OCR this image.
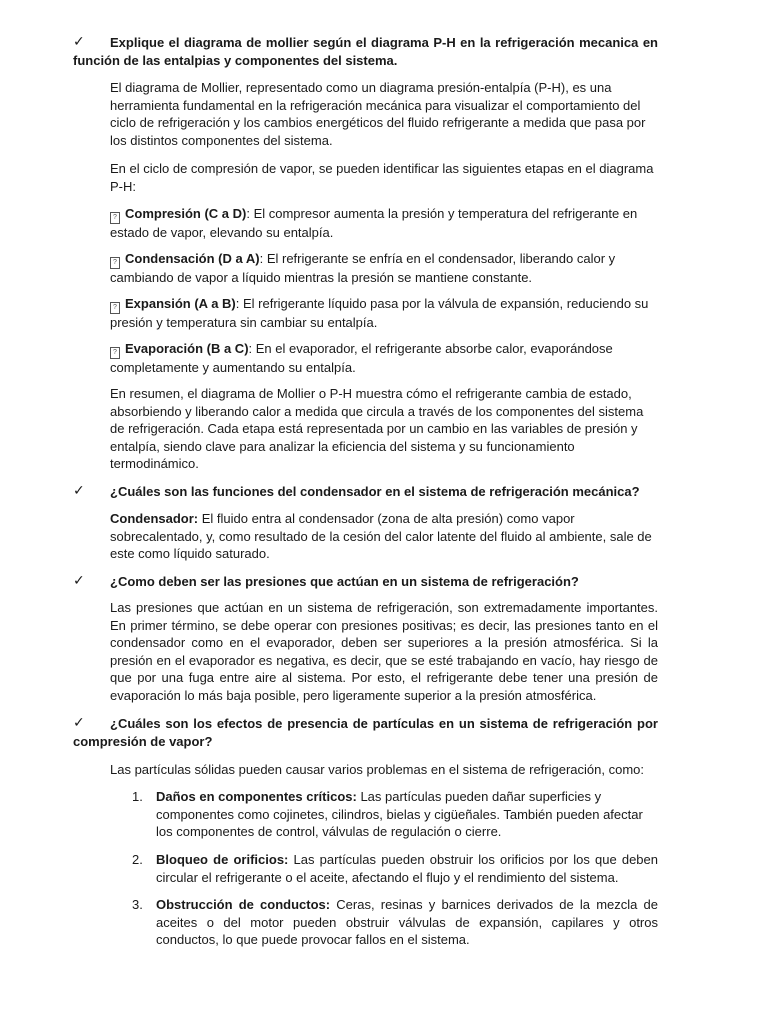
✓	Explique el diagrama de mollier según el diagrama P-H en la refrigeración mecanica en función de las entalpias y componentes del sistema.
El diagrama de Mollier, representado como un diagrama presión-entalpía (P-H), es una herramienta fundamental en la refrigeración mecánica para visualizar el comportamiento del ciclo de refrigeración y los cambios energéticos del fluido refrigerante a medida que pasa por los distintos componentes del sistema.
En el ciclo de compresión de vapor, se pueden identificar las siguientes etapas en el diagrama P-H:
? Compresión (C a D): El compresor aumenta la presión y temperatura del refrigerante en estado de vapor, elevando su entalpía.
? Condensación (D a A): El refrigerante se enfría en el condensador, liberando calor y cambiando de vapor a líquido mientras la presión se mantiene constante.
? Expansión (A a B): El refrigerante líquido pasa por la válvula de expansión, reduciendo su presión y temperatura sin cambiar su entalpía.
? Evaporación (B a C): En el evaporador, el refrigerante absorbe calor, evaporándose completamente y aumentando su entalpía.
En resumen, el diagrama de Mollier o P-H muestra cómo el refrigerante cambia de estado, absorbiendo y liberando calor a medida que circula a través de los componentes del sistema de refrigeración. Cada etapa está representada por un cambio en las variables de presión y entalpía, siendo clave para analizar la eficiencia del sistema y su funcionamiento termodinámico.
✓	¿Cuáles son las funciones del condensador en el sistema de refrigeración mecánica?
Condensador: El fluido entra al condensador (zona de alta presión) como vapor sobrecalentado, y, como resultado de la cesión del calor latente del fluido al ambiente, sale de este como líquido saturado.
✓	¿Como deben ser las presiones que actúan en un sistema de refrigeración?
Las presiones que actúan en un sistema de refrigeración, son extremadamente importantes. En primer término, se debe operar con presiones positivas; es decir, las presiones tanto en el condensador como en el evaporador, deben ser superiores a la presión atmosférica. Si la presión en el evaporador es negativa, es decir, que se esté trabajando en vacío, hay riesgo de que por una fuga entre aire al sistema. Por esto, el refrigerante debe tener una presión de evaporación lo más baja posible, pero ligeramente superior a la presión atmosférica.
✓	¿Cuáles son los efectos de presencia de partículas en un sistema de refrigeración por compresión de vapor?
Las partículas sólidas pueden causar varios problemas en el sistema de refrigeración, como:
1. Daños en componentes críticos: Las partículas pueden dañar superficies y componentes como cojinetes, cilindros, bielas y cigüeñales. También pueden afectar los componentes de control, válvulas de regulación o cierre.
2. Bloqueo de orificios: Las partículas pueden obstruir los orificios por los que deben circular el refrigerante o el aceite, afectando el flujo y el rendimiento del sistema.
3. Obstrucción de conductos: Ceras, resinas y barnices derivados de la mezcla de aceites o del motor pueden obstruir válvulas de expansión, capilares y otros conductos, lo que puede provocar fallos en el sistema.
